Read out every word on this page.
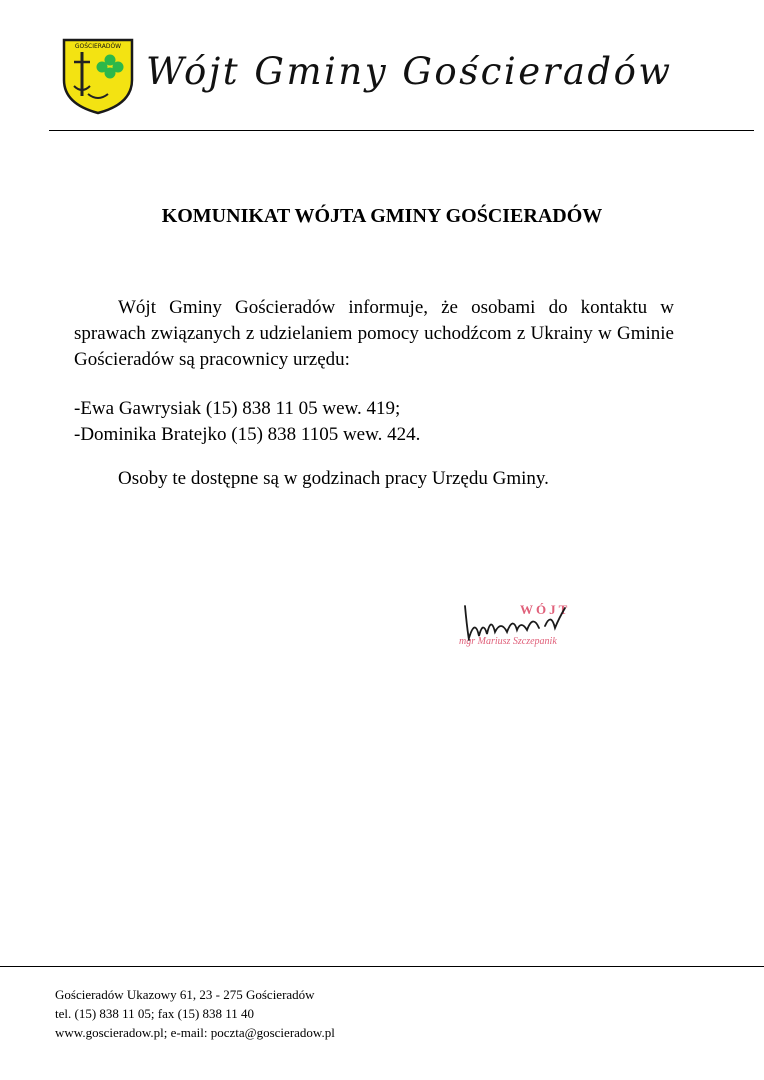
GOŚCIERADÓW
Wójt Gminy Gościeradów
KOMUNIKAT WÓJTA GMINY GOŚCIERADÓW
Wójt Gminy Gościeradów informuje, że osobami do kontaktu w sprawach związanych z udzielaniem pomocy uchodźcom z Ukrainy w Gminie Gościeradów są pracownicy urzędu:
-Ewa Gawrysiak (15) 838 11 05 wew. 419;
-Dominika Bratejko (15) 838 1105 wew. 424.
Osoby te dostępne są w godzinach pracy Urzędu Gminy.
WÓJT
mgr Mariusz Szczepanik
Gościeradów Ukazowy 61, 23 - 275 Gościeradów
tel. (15) 838 11 05; fax (15) 838 11 40
www.goscieradow.pl; e-mail: poczta@goscieradow.pl
